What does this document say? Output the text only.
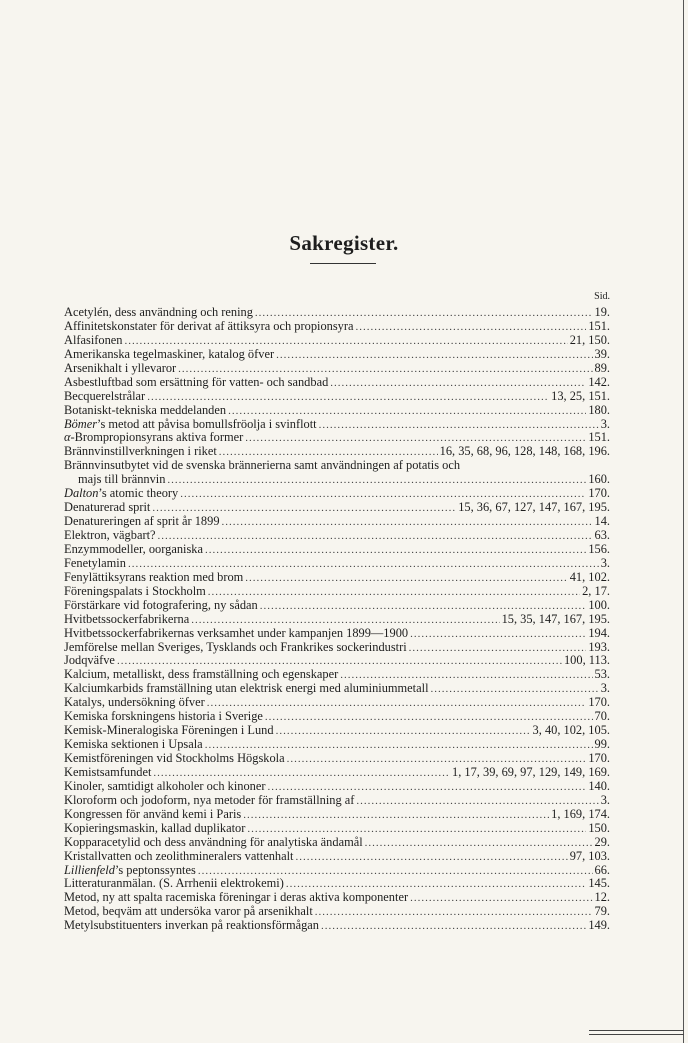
Sakregister.
Sid.
Acetylén, dess användning och rening .....	19.
Affinitetskonstater för derivat af ättiksyra och propionsyra .....	151.
Alfasifonen .....	21, 150.
Amerikanska tegelmaskiner, katalog öfver .....	39.
Arsenikhalt i yllevaror .....	89.
Asbestluftbad som ersättning för vatten- och sandbad .....	142.
Becquerelstrålar .....	13, 25, 151.
Botaniskt-tekniska meddelanden .....	180.
Bömer’s metod att påvisa bomullsfröolja i svinflott .....	3.
α-Brompropionsyrans aktiva former .....	151.
Brännvinstillverkningen i riket .....	16, 35, 68, 96, 128, 148, 168, 196.
Brännvinsutbytet vid de svenska brännerierna samt användningen af potatis och
majs till brännvin .....	160.
Dalton’s atomic theory .....	170.
Denaturerad sprit .....	15, 36, 67, 127, 147, 167, 195.
Denatureringen af sprit år 1899 .....	14.
Elektron, vägbart? .....	63.
Enzymmodeller, oorganiska .....	156.
Fenetylamin .....	3.
Fenylättiksyrans reaktion med brom .....	41, 102.
Föreningspalats i Stockholm .....	2, 17.
Förstärkare vid fotografering, ny sådan .....	100.
Hvitbetssockerfabrikerna .....	15, 35, 147, 167, 195.
Hvitbetssockerfabrikernas verksamhet under kampanjen 1899—1900 .....	194.
Jemförelse mellan Sveriges, Tysklands och Frankrikes sockerindustri .....	193.
Jodqväfve .....	100, 113.
Kalcium, metalliskt, dess framställning och egenskaper .....	53.
Kalciumkarbids framställning utan elektrisk energi med aluminiummetall .....	3.
Katalys, undersökning öfver .....	170.
Kemiska forskningens historia i Sverige .....	70.
Kemisk-Mineralogiska Föreningen i Lund .....	3, 40, 102, 105.
Kemiska sektionen i Upsala .....	99.
Kemistföreningen vid Stockholms Högskola .....	170.
Kemistsamfundet .....	1, 17, 39, 69, 97, 129, 149, 169.
Kinoler, samtidigt alkoholer och kinoner .....	140.
Kloroform och jodoform, nya metoder för framställning af .....	3.
Kongressen för använd kemi i Paris .....	1, 169, 174.
Kopieringsmaskin, kallad duplikator .....	150.
Kopparacetylid och dess användning för analytiska ändamål .....	29.
Kristallvatten och zeolithmineralers vattenhalt .....	97, 103.
Lillienfeld’s peptonssyntes .....	66.
Litteraturanmälan. (S. Arrhenii elektrokemi) .....	145.
Metod, ny att spalta racemiska föreningar i deras aktiva komponenter .....	12.
Metod, beqväm att undersöka varor på arsenikhalt .....	79.
Metylsubstituenters inverkan på reaktionsförmågan .....	149.
